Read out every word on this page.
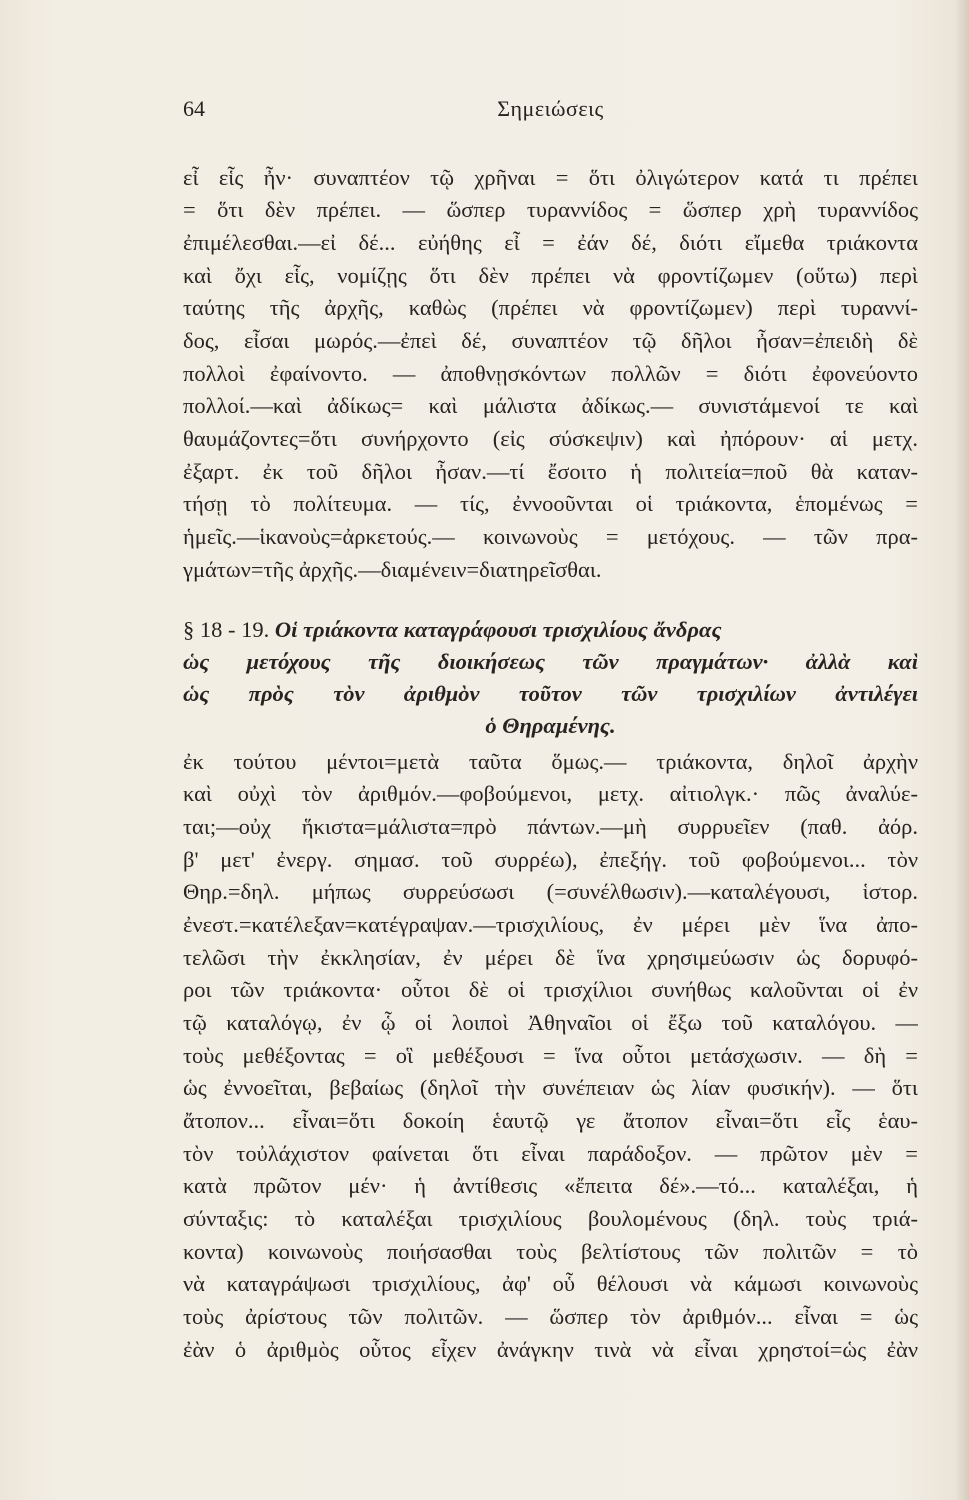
64	Σημειώσεις
εἶ εἷς ἦν· συναπτέον τῷ χρῆναι = ὅτι ὀλιγώτερον κατά τι πρέπει
= ὅτι δὲν πρέπει. — ὥσπερ τυραννίδος = ὥσπερ χρὴ τυραννίδος
ἐπιμέλεσθαι.—εἰ δέ... εὐήθης εἶ = ἐάν δέ, διότι εἴμεθα τριάκοντα
καὶ ὄχι εἷς, νομίζῃς ὅτι δὲν πρέπει νὰ φροντίζωμεν (οὕτω) περὶ
ταύτης τῆς ἀρχῆς, καθὼς (πρέπει νὰ φροντίζωμεν) περὶ τυραννί-
δος, εἶσαι μωρός.—ἐπεὶ δέ, συναπτέον τῷ δῆλοι ἦσαν=ἐπειδὴ δὲ
πολλοὶ ἐφαίνοντο. — ἀποθνῃσκόντων πολλῶν = διότι ἐφονεύοντο
πολλοί.—καὶ ἀδίκως= καὶ μάλιστα ἀδίκως.— συνιστάμενοί τε καὶ
θαυμάζοντες=ὅτι συνήρχοντο (εἰς σύσκεψιν) καὶ ἠπόρουν· αἱ μετχ.
ἐξαρτ. ἐκ τοῦ δῆλοι ἦσαν.—τί ἔσοιτο ἡ πολιτεία=ποῦ θὰ καταν-
τήσῃ τὸ πολίτευμα. — τίς, ἐννοοῦνται οἱ τριάκοντα, ἑπομένως =
ἡμεῖς.—ἱκανοὺς=ἀρκετούς.— κοινωνοὺς = μετόχους. — τῶν πρα-
γμάτων=τῆς ἀρχῆς.—διαμένειν=διατηρεῖσθαι.
§ 18 - 19. Οἱ τριάκοντα καταγράφουσι τρισχιλίους ἄνδρας
ὡς μετόχους τῆς διοικήσεως τῶν πραγμάτων· ἀλλὰ καὶ
ὡς πρὸς τὸν ἀριθμὸν τοῦτον τῶν τρισχιλίων ἀντιλέγει
ὁ Θηραμένης.
ἐκ τούτου μέντοι=μετὰ ταῦτα ὅμως.— τριάκοντα, δηλοῖ ἀρχὴν
καὶ οὐχὶ τὸν ἀριθμόν.—φοβούμενοι, μετχ. αἰτιολγκ.· πῶς ἀναλύε-
ται;—οὐχ ἥκιστα=μάλιστα=πρὸ πάντων.—μὴ συρρυεῖεν (παθ. ἀόρ.
β' μετ' ἐνεργ. σημασ. τοῦ συρρέω), ἐπεξήγ. τοῦ φοβούμενοι... τὸν
Θηρ.=δηλ. μήπως συρρεύσωσι (=συνέλθωσιν).—καταλέγουσι, ἱστορ.
ἐνεστ.=κατέλεξαν=κατέγραψαν.—τρισχιλίους, ἐν μέρει μὲν ἵνα ἀπο-
τελῶσι τὴν ἐκκλησίαν, ἐν μέρει δὲ ἵνα χρησιμεύωσιν ὡς δορυφό-
ροι τῶν τριάκοντα· οὗτοι δὲ οἱ τρισχίλιοι συνήθως καλοῦνται οἱ ἐν
τῷ καταλόγῳ, ἐν ᾧ οἱ λοιποὶ Ἀθηναῖοι οἱ ἔξω τοῦ καταλόγου. —
τοὺς μεθέξοντας = οἳ μεθέξουσι = ἵνα οὗτοι μετάσχωσιν. — δὴ =
ὡς ἐννοεῖται, βεβαίως (δηλοῖ τὴν συνέπειαν ὡς λίαν φυσικήν). — ὅτι
ἄτοπον... εἶναι=ὅτι δοκοίη ἑαυτῷ γε ἄτοπον εἶναι=ὅτι εἷς ἑαυ-
τὸν τοὐλάχιστον φαίνεται ὅτι εἶναι παράδοξον. — πρῶτον μὲν =
κατὰ πρῶτον μέν· ἡ ἀντίθεσις «ἔπειτα δέ».—τό... καταλέξαι, ἡ
σύνταξις: τὸ καταλέξαι τρισχιλίους βουλομένους (δηλ. τοὺς τριά-
κοντα) κοινωνοὺς ποιήσασθαι τοὺς βελτίστους τῶν πολιτῶν = τὸ
νὰ καταγράψωσι τρισχιλίους, ἀφ' οὗ θέλουσι νὰ κάμωσι κοινωνοὺς
τοὺς ἀρίστους τῶν πολιτῶν. — ὥσπερ τὸν ἀριθμόν... εἶναι = ὡς
ἐὰν ὁ ἀριθμὸς οὗτος εἶχεν ἀνάγκην τινὰ νὰ εἶναι χρηστοί=ὡς ἐὰν
